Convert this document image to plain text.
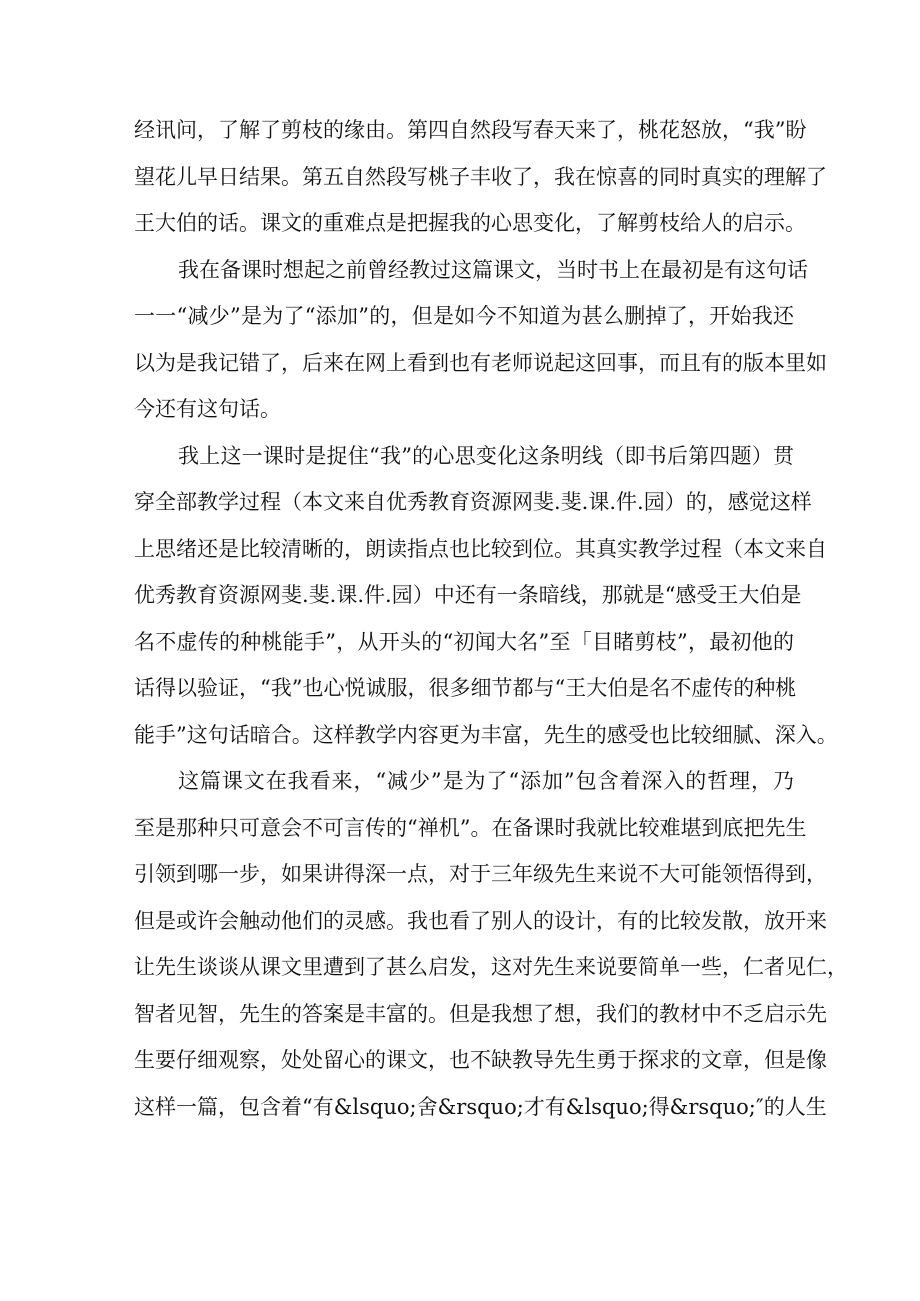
经讯问，了解了剪枝的缘由。第四自然段写春天来了，桃花怒放，“我”盼
望花儿早日结果。第五自然段写桃子丰收了，我在惊喜的同时真实的理解了
王大伯的话。课文的重难点是把握我的心思变化，了解剪枝给人的启示。
我在备课时想起之前曾经教过这篇课文，当时书上在最初是有这句话
一一“减少”是为了“添加”的，但是如今不知道为甚么删掉了，开始我还
以为是我记错了，后来在网上看到也有老师说起这回事，而且有的版本里如
今还有这句话。
我上这一课时是捉住“我”的心思变化这条明线（即书后第四题）贯
穿全部教学过程（本文来自优秀教育资源网斐.斐.课.件.园）的，感觉这样
上思绪还是比较清晰的，朗读指点也比较到位。其真实教学过程（本文来自
优秀教育资源网斐.斐.课.件.园）中还有一条暗线，那就是“感受王大伯是
名不虚传的种桃能手”，从开头的“初闻大名”至「目睹剪枝”，最初他的
话得以验证，“我”也心悦诚服，很多细节都与“王大伯是名不虚传的种桃
能手”这句话暗合。这样教学内容更为丰富，先生的感受也比较细腻、深入。
这篇课文在我看来，“减少”是为了“添加”包含着深入的哲理，乃
至是那种只可意会不可言传的“禅机”。在备课时我就比较难堪到底把先生
引领到哪一步，如果讲得深一点，对于三年级先生来说不大可能领悟得到，
但是或许会触动他们的灵感。我也看了别人的设计，有的比较发散，放开来
让先生谈谈从课文里遭到了甚么启发，这对先生来说要简单一些，仁者见仁，
智者见智，先生的答案是丰富的。但是我想了想，我们的教材中不乏启示先
生要仔细观察，处处留心的课文，也不缺教导先生勇于探求的文章，但是像
这样一篇，包含着“有&lsquo;舍&rsquo;才有&lsquo;得&rsquo;″的人生
